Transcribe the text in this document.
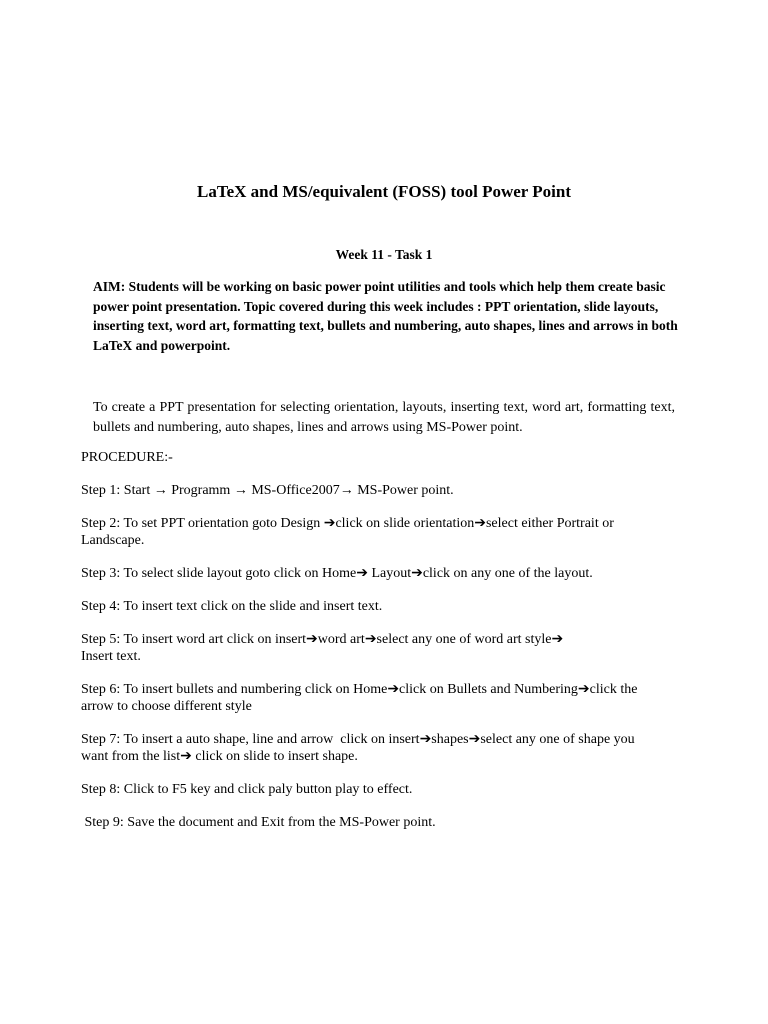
LaTeX and MS/equivalent (FOSS) tool Power Point
Week 11 - Task 1
AIM: Students will be working on basic power point utilities and tools which help them create basic power point presentation. Topic covered during this week includes : PPT orientation, slide layouts, inserting text, word art, formatting text, bullets and numbering, auto shapes, lines and arrows in both LaTeX and powerpoint.
To create a PPT presentation for selecting orientation, layouts, inserting text, word art, formatting text, bullets and numbering, auto shapes, lines and arrows using MS-Power point.
PROCEDURE:-

Step 1: Start → Programm → MS-Office2007→ MS-Power point.

Step 2: To set PPT orientation goto Design ➔click on slide orientation➔select either Portrait or
Landscape.

Step 3: To select slide layout goto click on Home➔ Layout➔click on any one of the layout.

Step 4: To insert text click on the slide and insert text.

Step 5: To insert word art click on insert➔word art➔select any one of word art style➔
Insert text.

Step 6: To insert bullets and numbering click on Home➔click on Bullets and Numbering➔click the
arrow to choose different style

Step 7: To insert a auto shape, line and arrow  click on insert➔shapes➔select any one of shape you
want from the list➔ click on slide to insert shape.

Step 8: Click to F5 key and click paly button play to effect.

Step 9: Save the document and Exit from the MS-Power point.
